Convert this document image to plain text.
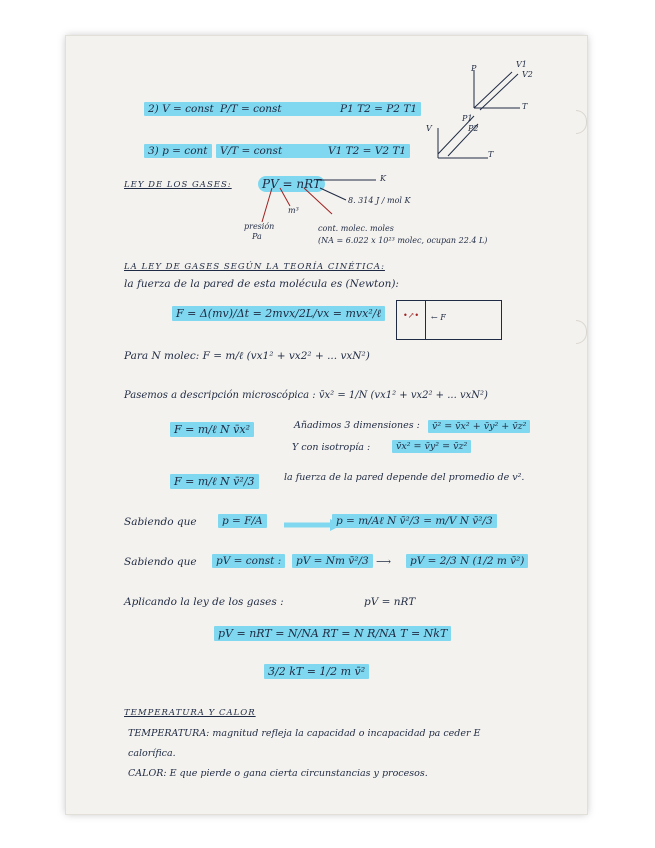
2) V = const P/T = const	P1 T2 = P2 T1
3) p = cont	V/T = const	V1 T2 = V2 T1
P
T
V
T
V1
V2
P1
P2
LEY DE LOS GASES:	PV = nRT	K
8. 314 J / mol K
m³
presión
Pa
cont. molec. moles
(NA = 6.022 x 10²³ molec, ocupan 22.4 L)
LA LEY DE GASES SEGÚN LA TEORÍA CINÉTICA:
la fuerza de la pared de esta molécula es (Newton):
F = Δ(mv)/Δt = 2mvx/2L/vx = mvx²/ℓ	•↗• ← F
Para N molec: F = m/ℓ (vx1² + vx2² + ... vxN²)
Pasemos a descripción microscópica : v̄x² = 1/N (vx1² + vx2² + ... vxN²)
F = m/ℓ N v̄x²	Añadimos 3 dimensiones :	v̄² = v̄x² + v̄y² + v̄z²
Y con isotropía :	v̄x² = v̄y² = v̄z²
F = m/ℓ N v̄²/3	la fuerza de la pared depende del promedio de v².
Sabiendo que	p = F/A	p = m/Aℓ N v̄²/3 = m/V N v̄²/3
Sabiendo que	pV = const :	pV = Nm v̄²/3 ⟶	pV = 2/3 N (1/2 m v̄²)
Aplicando la ley de los gases :	pV = nRT
pV = nRT = N/NA RT = N R/NA T = NkT
3/2 kT = 1/2 m v̄²
TEMPERATURA Y CALOR
TEMPERATURA: magnitud refleja la capacidad o incapacidad pa ceder E
calorífica.
CALOR: E que pierde o gana cierta circunstancias y procesos.
